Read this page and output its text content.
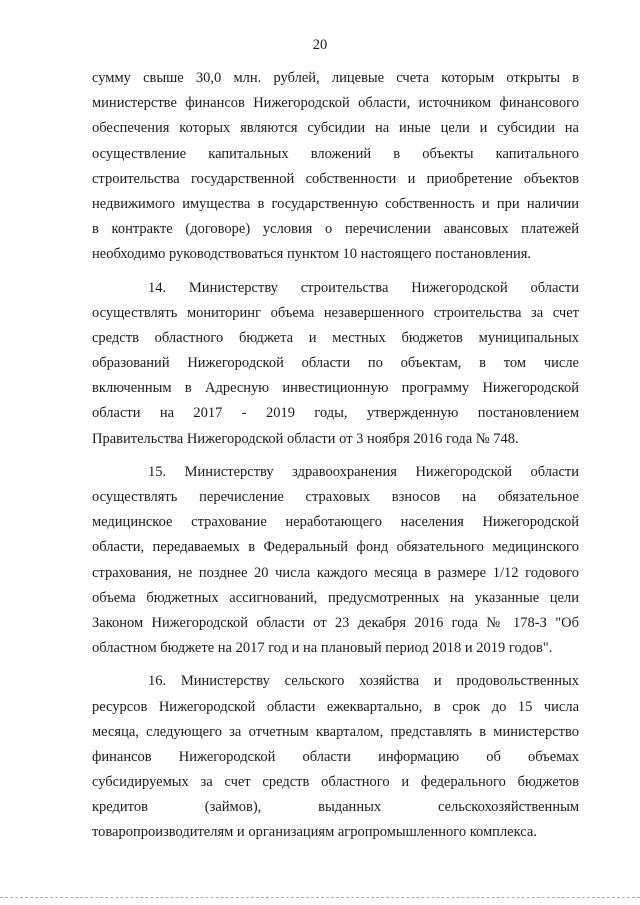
20

сумму свыше 30,0 млн. рублей, лицевые счета которым открыты в
министерстве финансов Нижегородской области, источником финансового
обеспечения которых являются субсидии на иные цели и субсидии на
осуществление капитальных вложений в объекты капитального
строительства государственной собственности и приобретение объектов
недвижимого имущества в государственную собственность и при наличии
в контракте (договоре) условия о перечислении авансовых платежей
необходимо руководствоваться пунктом 10 настоящего постановления.

14. Министерству строительства Нижегородской области
осуществлять мониторинг объема незавершенного строительства за счет
средств областного бюджета и местных бюджетов муниципальных
образований Нижегородской области по объектам, в том числе
включенным в Адресную инвестиционную программу Нижегородской
области на 2017 - 2019 годы, утвержденную постановлением
Правительства Нижегородской области от 3 ноября 2016 года № 748.

15. Министерству здравоохранения Нижегородской области
осуществлять перечисление страховых взносов на обязательное
медицинское страхование неработающего населения Нижегородской
области, передаваемых в Федеральный фонд обязательного медицинского
страхования, не позднее 20 числа каждого месяца в размере 1/12 годового
объема бюджетных ассигнований, предусмотренных на указанные цели
Законом Нижегородской области от 23 декабря 2016 года № 178-З "Об
областном бюджете на 2017 год и на плановый период 2018 и 2019 годов".

16. Министерству сельского хозяйства и продовольственных
ресурсов Нижегородской области ежеквартально, в срок до 15 числа
месяца, следующего за отчетным кварталом, представлять в министерство
финансов Нижегородской области информацию об объемах
субсидируемых за счет средств областного и федерального бюджетов
кредитов (займов), выданных сельскохозяйственным
товаропроизводителям и организациям агропромышленного комплекса.
